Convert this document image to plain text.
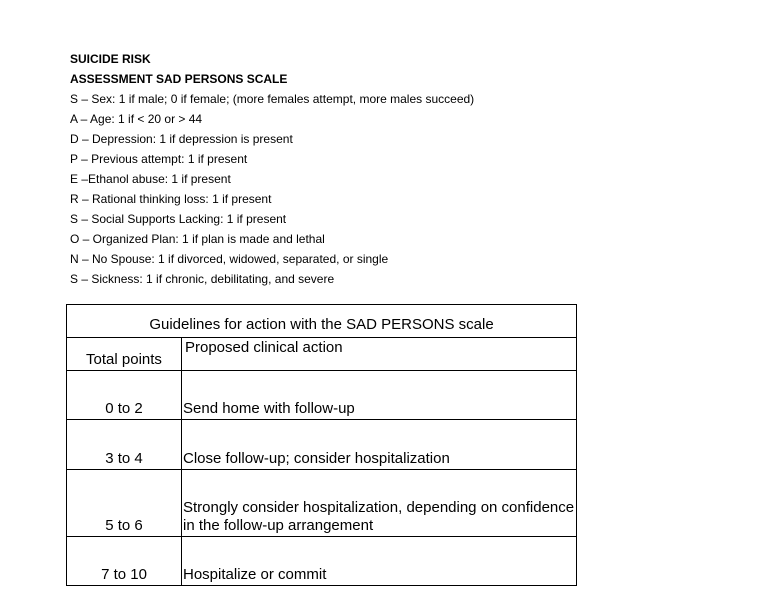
SUICIDE RISK
ASSESSMENT SAD PERSONS SCALE
S – Sex: 1 if male; 0 if female; (more females attempt, more males succeed)
A – Age: 1 if < 20 or > 44
D – Depression: 1 if depression is present
P – Previous attempt: 1 if present
E –Ethanol abuse: 1 if present
R – Rational thinking loss: 1 if present
S – Social Supports Lacking: 1 if present
O – Organized Plan: 1 if plan is made and lethal
N – No Spouse: 1 if divorced, widowed, separated, or single
S – Sickness: 1 if chronic, debilitating, and severe
Guidelines for action with the SAD PERSONS scale	
Total points	Proposed clinical action

0 to 2	Send home with follow-up

3 to 4	Close follow-up; consider hospitalization

5 to 6	Strongly consider hospitalization, depending on confidence in the follow-up arrangement

7 to 10	Hospitalize or commit
